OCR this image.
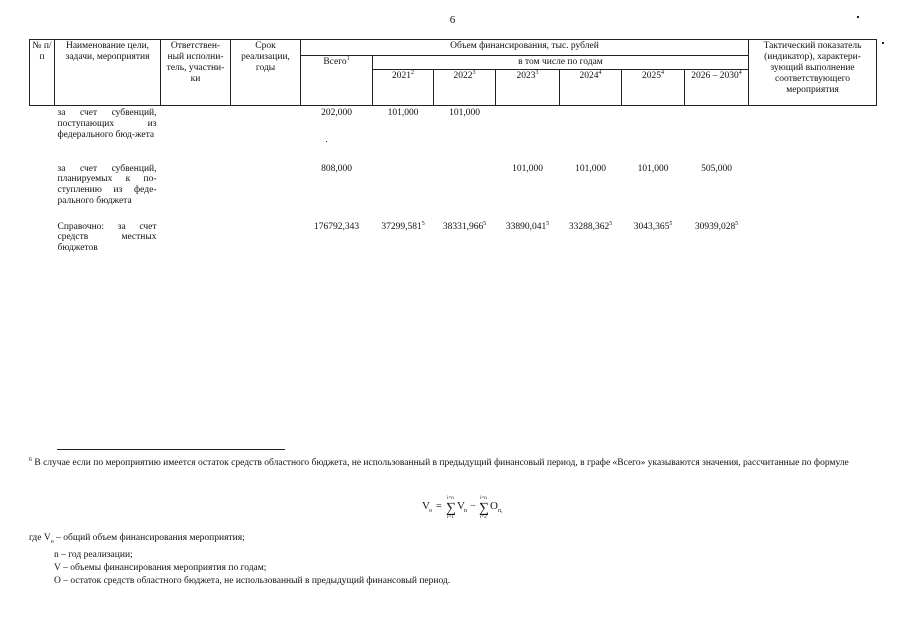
6
№ п/п	Наименование цели, задачи, мероприятия	Ответствен-ный исполни-тель, участни-ки	Срок реализации, годы	Объем финансирования, тыс. рублей							Тактический показатель (индикатор), характери-зующий выполнение соответствующего мероприятия
				Всего$^1$	в том числе по годам						
					2021$^2$	2022$^3$	2023$^3$	2024$^4$	2025$^4$	2026 – 2030$^4$
	за счет субвенций, поступающих из федерального бюд-жета			202,000	101,000	101,000					
	за счет субвенций, планируемых к по-ступлению из феде-рального бюджета			808,000			101,000	101,000	101,000	505,000	
	Справочно: за счет средств местных бюджетов			176792,343	37299,581$^5$	38331,966$^5$	33890,041$^5$	33288,362$^5$	3043,365$^5$	30939,028$^5$	
$^6$ В случае если по мероприятию имеется остаток средств областного бюджета, не использованный в предыдущий финансовый период, в графе «Всего» указываются значения, рассчитанные по формуле
V o =
i=n
∑
i=1
V n −
i=n
∑
i=2
O n,
где $V_o$ – общий объем финансирования мероприятия;
n – год реализации;
V – объемы финансирования мероприятия по годам;
O – остаток средств областного бюджета, не использованный в предыдущий финансовый период.
